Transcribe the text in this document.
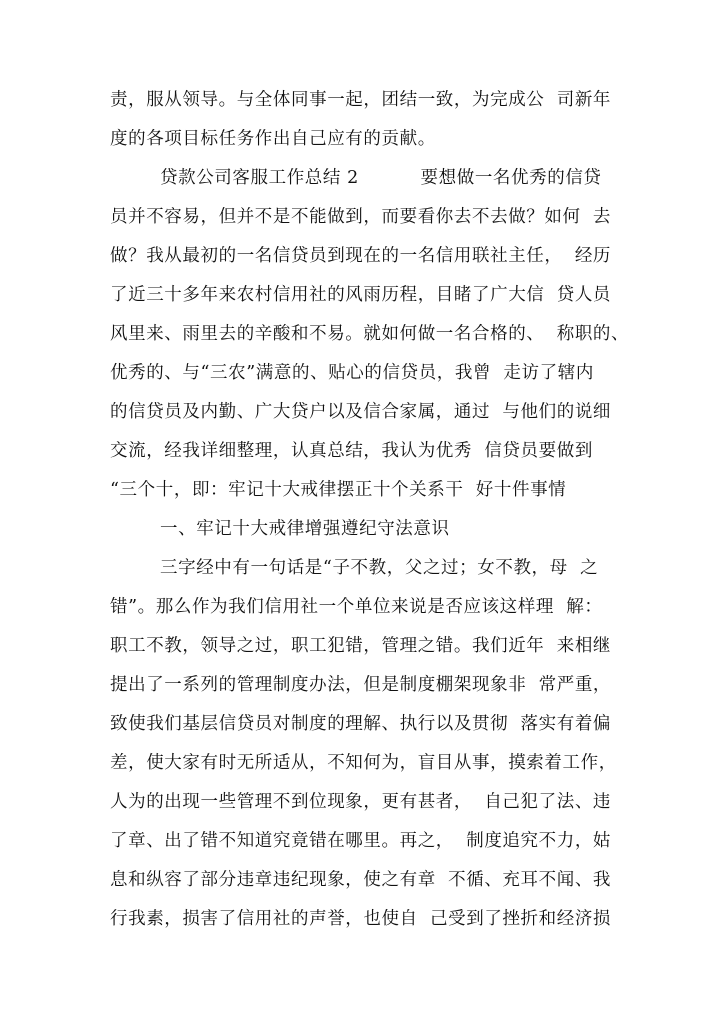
责，服从领导。与全体同事一起，团结一致，为完成公  司新年
度的各项目标任务作出自己应有的贡献。
贷款公司客服工作总结 2          要想做一名优秀的信贷
员并不容易，但并不是不能做到，而要看你去不去做？如何  去
做？我从最初的一名信贷员到现在的一名信用联社主任，  经历
了近三十多年来农村信用社的风雨历程，目睹了广大信  贷人员
风里来、雨里去的辛酸和不易。就如何做一名合格的、  称职的、
优秀的、与“三农”满意的、贴心的信贷员，我曾  走访了辖内
的信贷员及内勤、广大贷户以及信合家属，通过  与他们的说细
交流，经我详细整理，认真总结，我认为优秀  信贷员要做到
“三个十，即：牢记十大戒律摆正十个关系干  好十件事情
一、牢记十大戒律增强遵纪守法意识
三字经中有一句话是“子不教，父之过；女不教，母  之
错”。那么作为我们信用社一个单位来说是否应该这样理  解：
职工不教，领导之过，职工犯错，管理之错。我们近年  来相继
提出了一系列的管理制度办法，但是制度棚架现象非  常严重，
致使我们基层信贷员对制度的理解、执行以及贯彻  落实有着偏
差，使大家有时无所适从，不知何为，盲目从事，摸索着工作，
人为的出现一些管理不到位现象，更有甚者，  自己犯了法、违
了章、出了错不知道究竟错在哪里。再之，  制度追究不力，姑
息和纵容了部分违章违纪现象，使之有章  不循、充耳不闻、我
行我素，损害了信用社的声誉，也使自  己受到了挫折和经济损
